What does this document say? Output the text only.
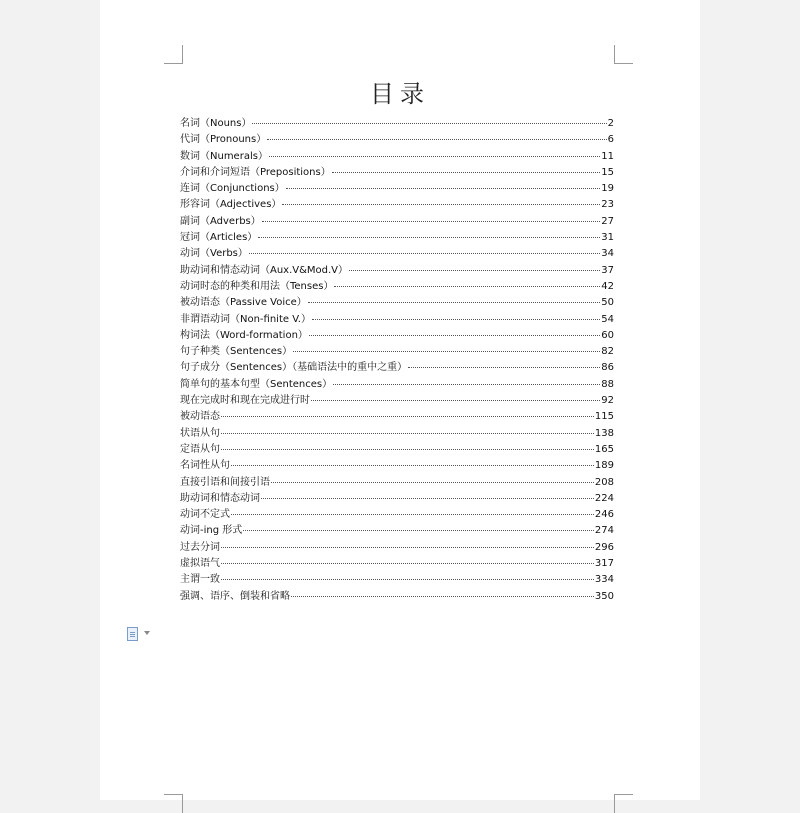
目录
名词（Nouns）	2
代词（Pronouns）	6
数词（Numerals）	11
介词和介词短语（Prepositions）	15
连词（Conjunctions）	19
形容词（Adjectives）	23
副词（Adverbs）	27
冠词（Articles）	31
动词（Verbs）	34
助动词和情态动词（Aux.V&Mod.V）	37
动词时态的种类和用法（Tenses）	42
被动语态（Passive Voice）	50
非谓语动词（Non-finite V.）	54
构词法（Word-formation）	60
句子种类（Sentences）	82
句子成分（Sentences）（基础语法中的重中之重）	86
简单句的基本句型（Sentences）	88
现在完成时和现在完成进行时	92
被动语态	115
状语从句	138
定语从句	165
名词性从句	189
直接引语和间接引语	208
助动词和情态动词	224
动词不定式	246
动词-ing 形式	274
过去分词	296
虚拟语气	317
主谓一致	334
强调、语序、倒装和省略	350
